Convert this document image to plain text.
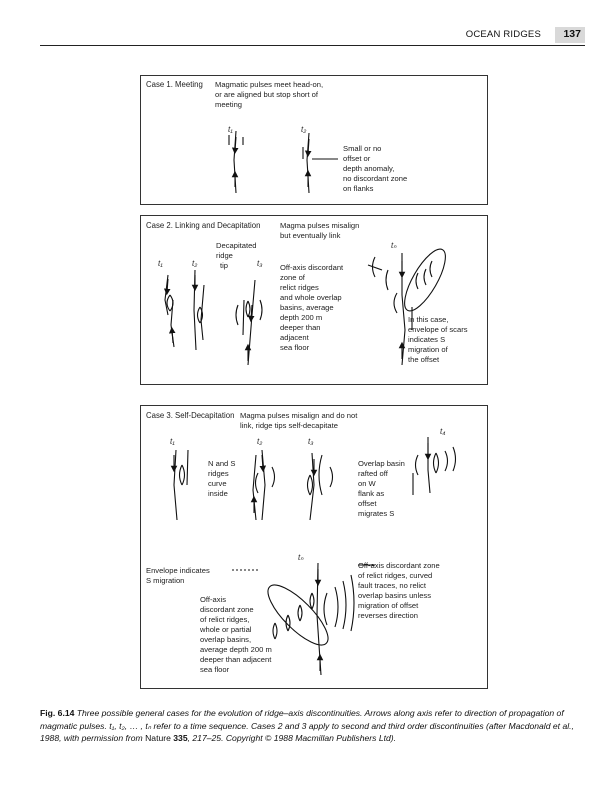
OCEAN RIDGES	137
Case 1. Meeting Magmatic pulses meet head-on,
or are aligned but stop short of
meeting
t₁	t₂
Small or no
offset or
depth anomaly,
no discordant zone
on flanks
Case 2. Linking and Decapitation	Magma pulses misalign
but eventually link
t₁	t₂	t₃
tₙ
Decapitated
ridge
tip	Off-axis discordant
zone of
relict ridges
and whole overlap
basins, average
depth 200 m
deeper than
adjacent
sea floor
In this case,
envelope of scars
indicates S
migration of
the offset
Case 3. Self-Decapitation Magma pulses misalign and do not
link, ridge tips self-decapitate
t₁	t₂	t₃
t₄
tₙ
N and S
ridges
curve
inside
Overlap basin
rafted off
on W
flank as
offset
migrates S
Envelope indicates
S migration
Off-axis
discordant zone
of relict ridges,
whole or partial
overlap basins,
average depth 200 m
deeper than adjacent
sea floor
Off-axis discordant zone
of relict ridges, curved
fault traces, no relict
overlap basins unless
migration of offset
reverses direction
Fig. 6.14 Three possible general cases for the evolution of ridge–axis discontinuities. Arrows along axis refer to direction of propagation of magmatic pulses. t₁, t₂, … , tₙ refer to a time sequence. Cases 2 and 3 apply to second and third order discontinuities (after Macdonald et al., 1988, with permission from Nature 335, 217–25. Copyright © 1988 Macmillan Publishers Ltd).
